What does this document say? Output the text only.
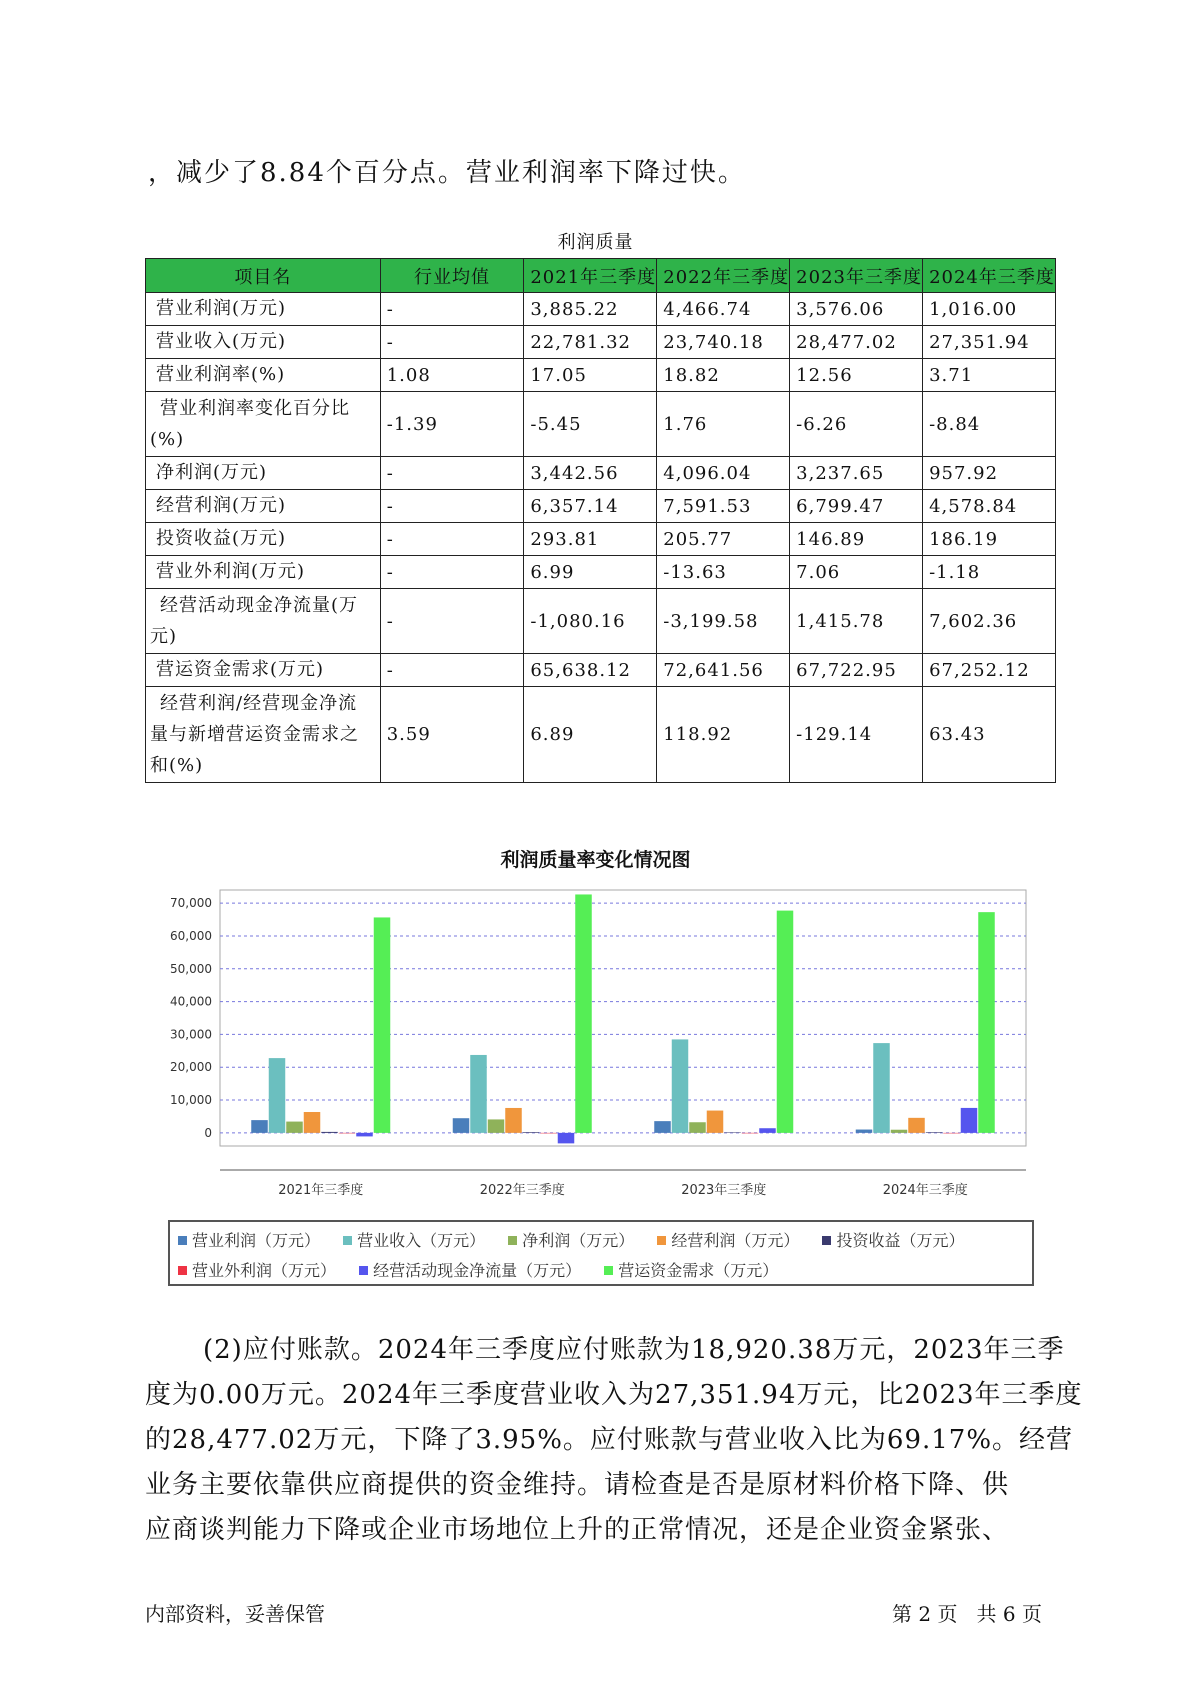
，减少了8.84个百分点。营业利润率下降过快。
利润质量
项目名	行业均值	2021年三季度	2022年三季度	2023年三季度	2024年三季度
营业利润(万元)	-	3,885.22	4,466.74	3,576.06	1,016.00
营业收入(万元)	-	22,781.32	23,740.18	28,477.02	27,351.94
营业利润率(%)	1.08	17.05	18.82	12.56	3.71
营业利润率变化百分比(%)	-1.39	-5.45	1.76	-6.26	-8.84
净利润(万元)	-	3,442.56	4,096.04	3,237.65	957.92
经营利润(万元)	-	6,357.14	7,591.53	6,799.47	4,578.84
投资收益(万元)	-	293.81	205.77	146.89	186.19
营业外利润(万元)	-	6.99	-13.63	7.06	-1.18
经营活动现金净流量(万元)	-	-1,080.16	-3,199.58	1,415.78	7,602.36
营运资金需求(万元)	-	65,638.12	72,641.56	67,722.95	67,252.12
经营利润/经营现金净流量与新增营运资金需求之和(%)	3.59	6.89	118.92	-129.14	63.43
利润质量率变化情况图
0
10,000
20,000
30,000
40,000
50,000
60,000
70,000
2021年三季度	2022年三季度	2023年三季度	2024年三季度
营业利润（万元） 营业收入（万元） 净利润（万元） 经营利润（万元） 投资收益（万元）
营业外利润（万元） 经营活动现金净流量（万元） 营运资金需求（万元）

(2)应付账款。2024年三季度应付账款为18,920.38万元，2023年三季

度为0.00万元。2024年三季度营业收入为27,351.94万元，比2023年三季度

的28,477.02万元，下降了3.95%。应付账款与营业收入比为69.17%。经营

业务主要依靠供应商提供的资金维持。请检查是否是原材料价格下降、供

应商谈判能力下降或企业市场地位上升的正常情况，还是企业资金紧张、

内部资料，妥善保管	第 2 页 共 6 页
